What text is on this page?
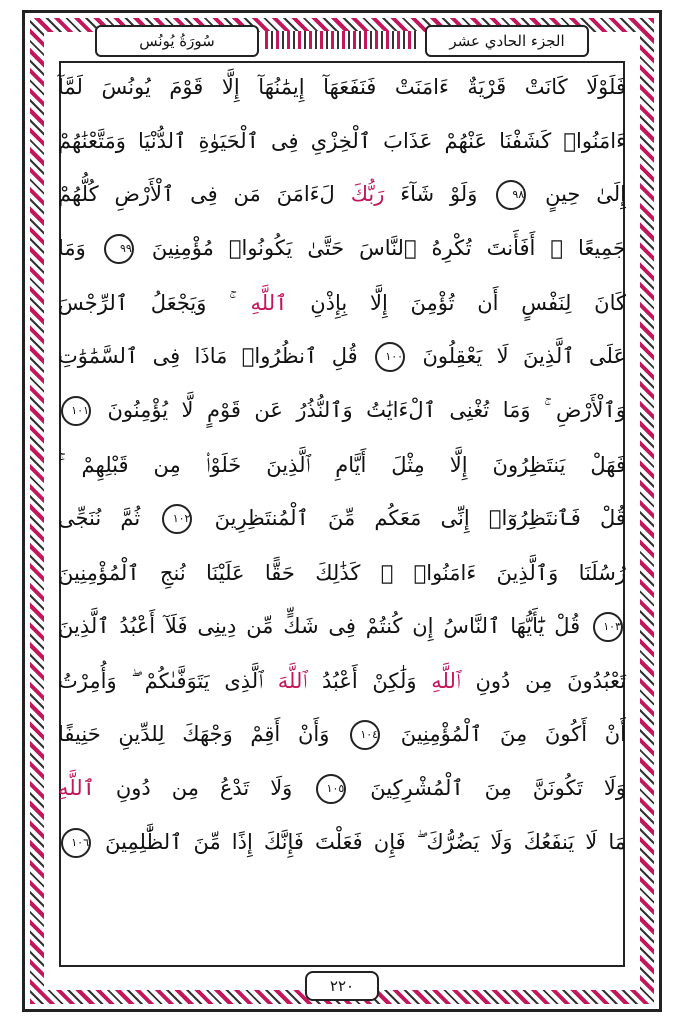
سُورَةُ يُونُس	الجزء الحادي عشر
٢٢٠
فَلَوْلَا كَانَتْ قَرْيَةٌ ءَامَنَتْ فَنَفَعَهَآ إِيمَٰنُهَآ إِلَّا قَوْمَ يُونُسَ لَمَّآ
ءَامَنُوا۟ كَشَفْنَا عَنْهُمْ عَذَابَ ٱلْخِزْىِ فِى ٱلْحَيَوٰةِ ٱلدُّنْيَا وَمَتَّعْنَٰهُمْ
إِلَىٰ حِينٍ ٩٨ وَلَوْ شَآءَ رَبُّكَ لَءَامَنَ مَن فِى ٱلْأَرْضِ كُلُّهُمْ
جَمِيعًا ۚ أَفَأَنتَ تُكْرِهُ ٱلنَّاسَ حَتَّىٰ يَكُونُوا۟ مُؤْمِنِينَ ٩٩ وَمَا
كَانَ لِنَفْسٍ أَن تُؤْمِنَ إِلَّا بِإِذْنِ ٱللَّهِ ۚ وَيَجْعَلُ ٱلرِّجْسَ
عَلَى ٱلَّذِينَ لَا يَعْقِلُونَ ١٠٠ قُلِ ٱنظُرُوا۟ مَاذَا فِى ٱلسَّمَٰوَٰتِ
وَٱلْأَرْضِ ۚ وَمَا تُغْنِى ٱلْءَايَٰتُ وَٱلنُّذُرُ عَن قَوْمٍ لَّا يُؤْمِنُونَ ١٠١
فَهَلْ يَنتَظِرُونَ إِلَّا مِثْلَ أَيَّامِ ٱلَّذِينَ خَلَوْا۟ مِن قَبْلِهِمْ ۚ
قُلْ فَٱنتَظِرُوٓا۟ إِنِّى مَعَكُم مِّنَ ٱلْمُنتَظِرِينَ ١٠٢ ثُمَّ نُنَجِّى
رُسُلَنَا وَٱلَّذِينَ ءَامَنُوا۟ ۚ كَذَٰلِكَ حَقًّا عَلَيْنَا نُنجِ ٱلْمُؤْمِنِينَ
١٠٣ قُلْ يَٰٓأَيُّهَا ٱلنَّاسُ إِن كُنتُمْ فِى شَكٍّ مِّن دِينِى فَلَآ أَعْبُدُ ٱلَّذِينَ
تَعْبُدُونَ مِن دُونِ ٱللَّهِ وَلَٰكِنْ أَعْبُدُ ٱللَّهَ ٱلَّذِى يَتَوَفَّىٰكُمْ ۖ وَأُمِرْتُ
أَنْ أَكُونَ مِنَ ٱلْمُؤْمِنِينَ ١٠٤ وَأَنْ أَقِمْ وَجْهَكَ لِلدِّينِ حَنِيفًا
وَلَا تَكُونَنَّ مِنَ ٱلْمُشْرِكِينَ ١٠٥ وَلَا تَدْعُ مِن دُونِ ٱللَّهِ
مَا لَا يَنفَعُكَ وَلَا يَضُرُّكَ ۖ فَإِن فَعَلْتَ فَإِنَّكَ إِذًا مِّنَ ٱلظَّٰلِمِينَ ١٠٦
